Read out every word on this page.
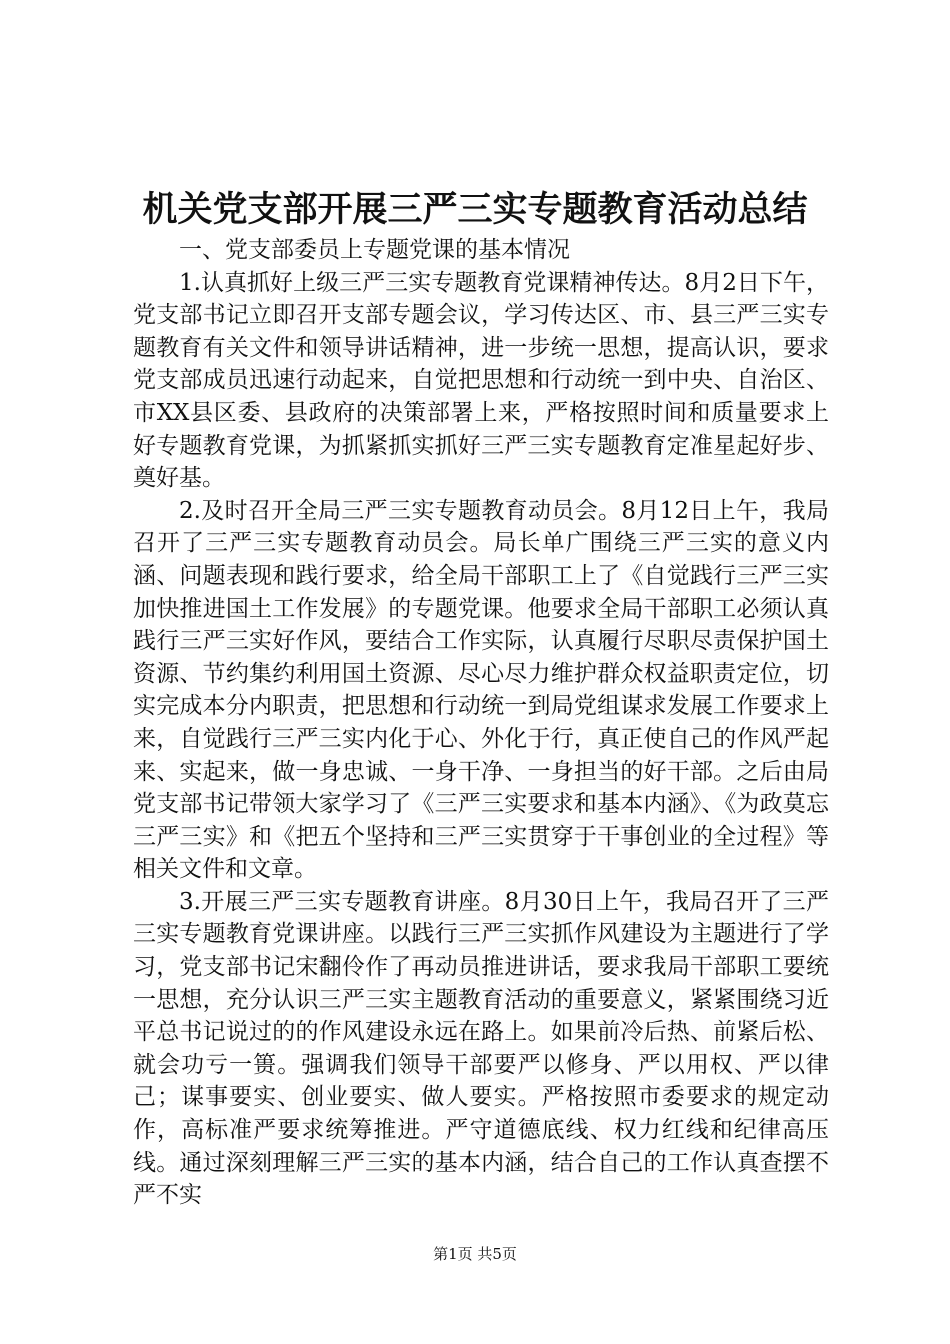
机关党支部开展三严三实专题教育活动总结

一、党支部委员上专题党课的基本情况

1.认真抓好上级三严三实专题教育党课精神传达。8月2日下午，党支部书记立即召开支部专题会议，学习传达区、市、县三严三实专题教育有关文件和领导讲话精神，进一步统一思想，提高认识，要求党支部成员迅速行动起来，自觉把思想和行动统一到中央、自治区、市XX县区委、县政府的决策部署上来，严格按照时间和质量要求上好专题教育党课，为抓紧抓实抓好三严三实专题教育定准星起好步、奠好基。

2.及时召开全局三严三实专题教育动员会。8月12日上午，我局召开了三严三实专题教育动员会。局长单广围绕三严三实的意义内涵、问题表现和践行要求，给全局干部职工上了《自觉践行三严三实加快推进国土工作发展》的专题党课。他要求全局干部职工必须认真践行三严三实好作风，要结合工作实际，认真履行尽职尽责保护国土资源、节约集约利用国土资源、尽心尽力维护群众权益职责定位，切实完成本分内职责，把思想和行动统一到局党组谋求发展工作要求上来，自觉践行三严三实内化于心、外化于行，真正使自己的作风严起来、实起来，做一身忠诚、一身干净、一身担当的好干部。之后由局党支部书记带领大家学习了《三严三实要求和基本内涵》、《为政莫忘三严三实》和《把五个坚持和三严三实贯穿于干事创业的全过程》等相关文件和文章。

3.开展三严三实专题教育讲座。8月30日上午，我局召开了三严三实专题教育党课讲座。以践行三严三实抓作风建设为主题进行了学习，党支部书记宋翻伶作了再动员推进讲话，要求我局干部职工要统一思想，充分认识三严三实主题教育活动的重要意义，紧紧围绕习近平总书记说过的的作风建设永远在路上。如果前冷后热、前紧后松、就会功亏一篑。强调我们领导干部要严以修身、严以用权、严以律己；谋事要实、创业要实、做人要实。严格按照市委要求的规定动作，高标准严要求统筹推进。严守道德底线、权力红线和纪律高压线。通过深刻理解三严三实的基本内涵，结合自己的工作认真查摆不严不实

第1页 共5页
